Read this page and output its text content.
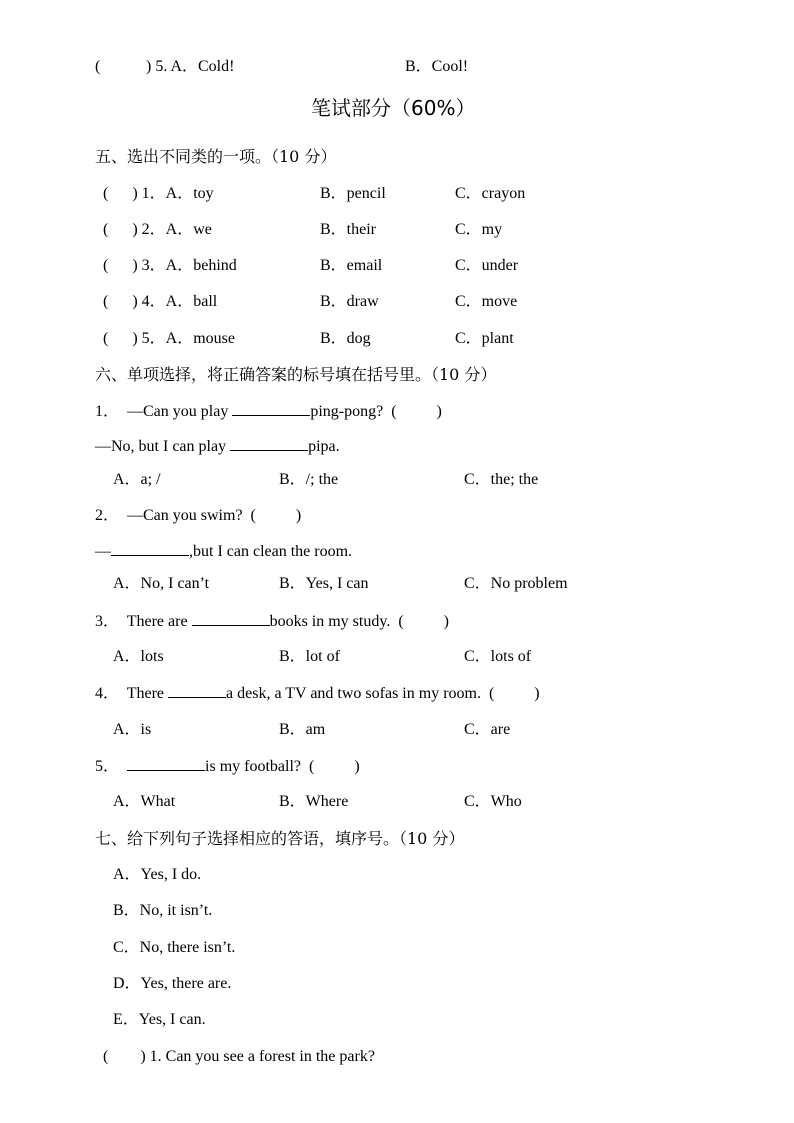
(	) 5. A．Cold!	B．Cool!
笔试部分（60%）
五、选出不同类的一项。（10 分）
(      ) 1．A．toy	B．pencil	C．crayon
(      ) 2．A．we	B．their	C．my
(      ) 3．A．behind	B．email	C．under
(      ) 4．A．ball	B．draw	C．move
(      ) 5．A．mouse	B．dog	C．plant
六、单项选择，将正确答案的标号填在括号里。（10 分）
1．  —Can you play	ping-pong?  (          )
—No, but I can play	pipa.
A．a; /	B．/; the	C．the; the
2．  —Can you swim?  (          )
—	,but I can clean the room.
A．No, I can’t	B．Yes, I can	C．No problem
3．  There are	books in my study.  (          )
A．lots	B．lot of	C．lots of
4．  There	a desk, a TV and two sofas in my room.  (          )
A．is	B．am	C．are
5．	is my football?  (          )
A．What	B．Where	C．Who
七、给下列句子选择相应的答语，填序号。（10 分）
A．Yes, I do.
B．No, it isn’t.
C．No, there isn’t.
D．Yes, there are.
E．Yes, I can.
(        ) 1. Can you see a forest in the park?
